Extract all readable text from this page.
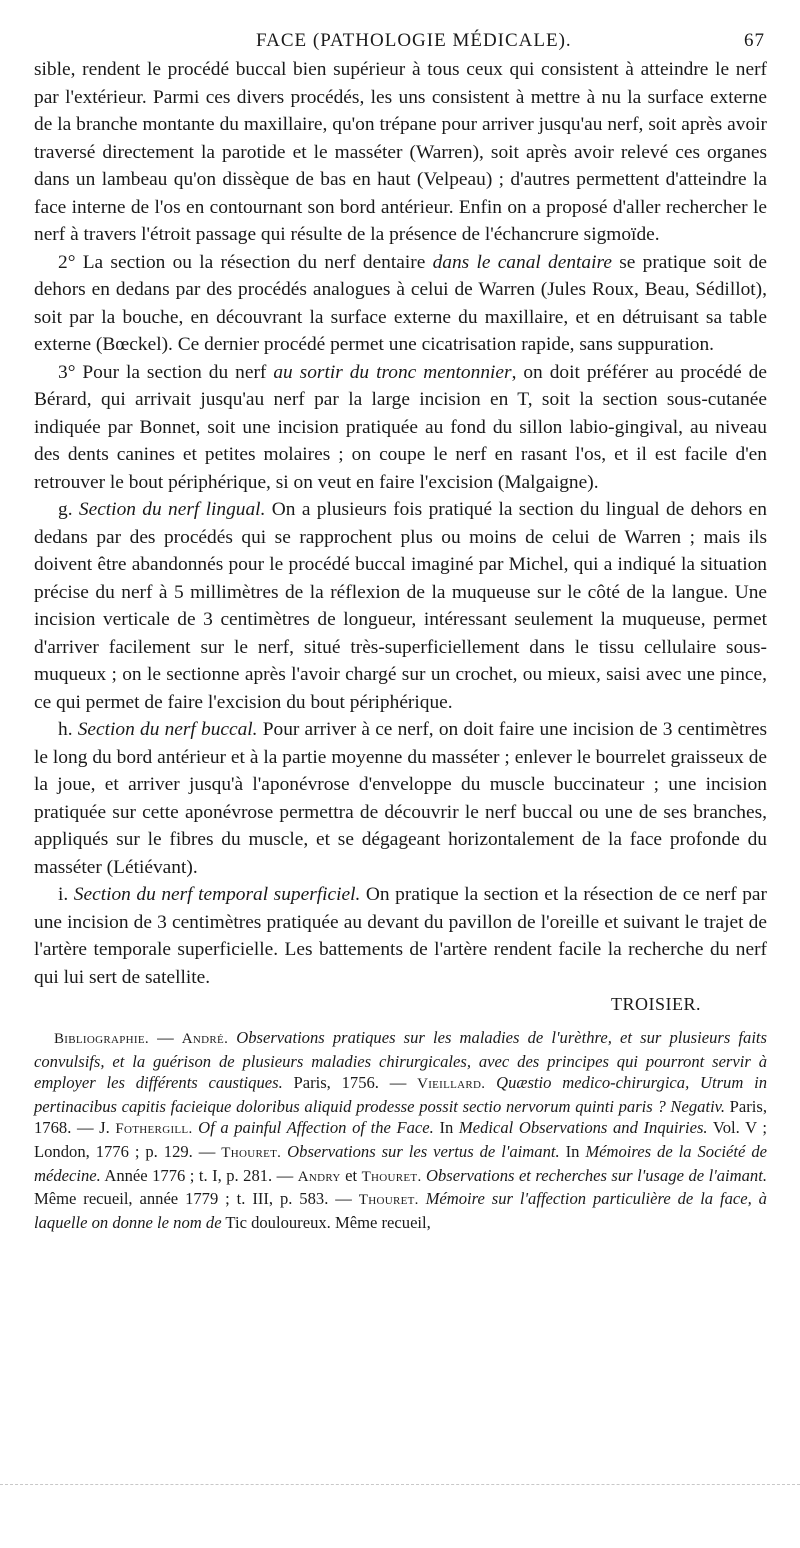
FACE (PATHOLOGIE MÉDICALE).	67

sible, rendent le procédé buccal bien supérieur à tous ceux qui consistent à atteindre le nerf par l'extérieur. Parmi ces divers procédés, les uns consistent à mettre à nu la surface externe de la branche montante du maxillaire, qu'on trépane pour arriver jusqu'au nerf, soit après avoir traversé directement la parotide et le masséter (Warren), soit après avoir relevé ces organes dans un lambeau qu'on dissèque de bas en haut (Velpeau) ; d'autres permettent d'atteindre la face interne de l'os en contournant son bord antérieur. Enfin on a proposé d'aller rechercher le nerf à travers l'étroit passage qui résulte de la présence de l'échancrure sigmoïde.

2° La section ou la résection du nerf dentaire dans le canal dentaire se pratique soit de dehors en dedans par des procédés analogues à celui de Warren (Jules Roux, Beau, Sédillot), soit par la bouche, en découvrant la surface externe du maxillaire, et en détruisant sa table externe (Bœckel). Ce dernier procédé permet une cicatrisation rapide, sans suppuration.

3° Pour la section du nerf au sortir du tronc mentonnier, on doit préférer au procédé de Bérard, qui arrivait jusqu'au nerf par la large incision en T, soit la section sous-cutanée indiquée par Bonnet, soit une incision pratiquée au fond du sillon labio-gingival, au niveau des dents canines et petites molaires ; on coupe le nerf en rasant l'os, et il est facile d'en retrouver le bout périphérique, si on veut en faire l'excision (Malgaigne).

g. Section du nerf lingual. On a plusieurs fois pratiqué la section du lingual de dehors en dedans par des procédés qui se rapprochent plus ou moins de celui de Warren ; mais ils doivent être abandonnés pour le procédé buccal imaginé par Michel, qui a indiqué la situation précise du nerf à 5 millimètres de la réflexion de la muqueuse sur le côté de la langue. Une incision verticale de 3 centimètres de longueur, intéressant seulement la muqueuse, permet d'arriver facilement sur le nerf, situé très-superficiellement dans le tissu cellulaire sous-muqueux ; on le sectionne après l'avoir chargé sur un crochet, ou mieux, saisi avec une pince, ce qui permet de faire l'excision du bout périphérique.

h. Section du nerf buccal. Pour arriver à ce nerf, on doit faire une incision de 3 centimètres le long du bord antérieur et à la partie moyenne du masséter ; enlever le bourrelet graisseux de la joue, et arriver jusqu'à l'aponévrose d'enveloppe du muscle buccinateur ; une incision pratiquée sur cette aponévrose permettra de découvrir le nerf buccal ou une de ses branches, appliqués sur le fibres du muscle, et se dégageant horizontalement de la face profonde du masséter (Létiévant).

i. Section du nerf temporal superficiel. On pratique la section et la résection de ce nerf par une incision de 3 centimètres pratiquée au devant du pavillon de l'oreille et suivant le trajet de l'artère temporale superficielle. Les battements de l'artère rendent facile la recherche du nerf qui lui sert de satellite.

TROISIER.

Bibliographie. — André. Observations pratiques sur les maladies de l'urèthre, et sur plusieurs faits convulsifs, et la guérison de plusieurs maladies chirurgicales, avec des principes qui pourront servir à employer les différents caustiques. Paris, 1756. — Vieillard. Quæstio medico-chirurgica, Utrum in pertinacibus capitis facieique doloribus aliquid prodesse possit sectio nervorum quinti paris ? Negativ. Paris, 1768. — J. Fothergill. Of a painful Affection of the Face. In Medical Observations and Inquiries. Vol. V ; London, 1776 ; p. 129. — Thouret. Observations sur les vertus de l'aimant. In Mémoires de la Société de médecine. Année 1776 ; t. I, p. 281. — Andry et Thouret. Observations et recherches sur l'usage de l'aimant. Même recueil, année 1779 ; t. III, p. 583. — Thouret. Mémoire sur l'affection particulière de la face, à laquelle on donne le nom de Tic douloureux. Même recueil,
